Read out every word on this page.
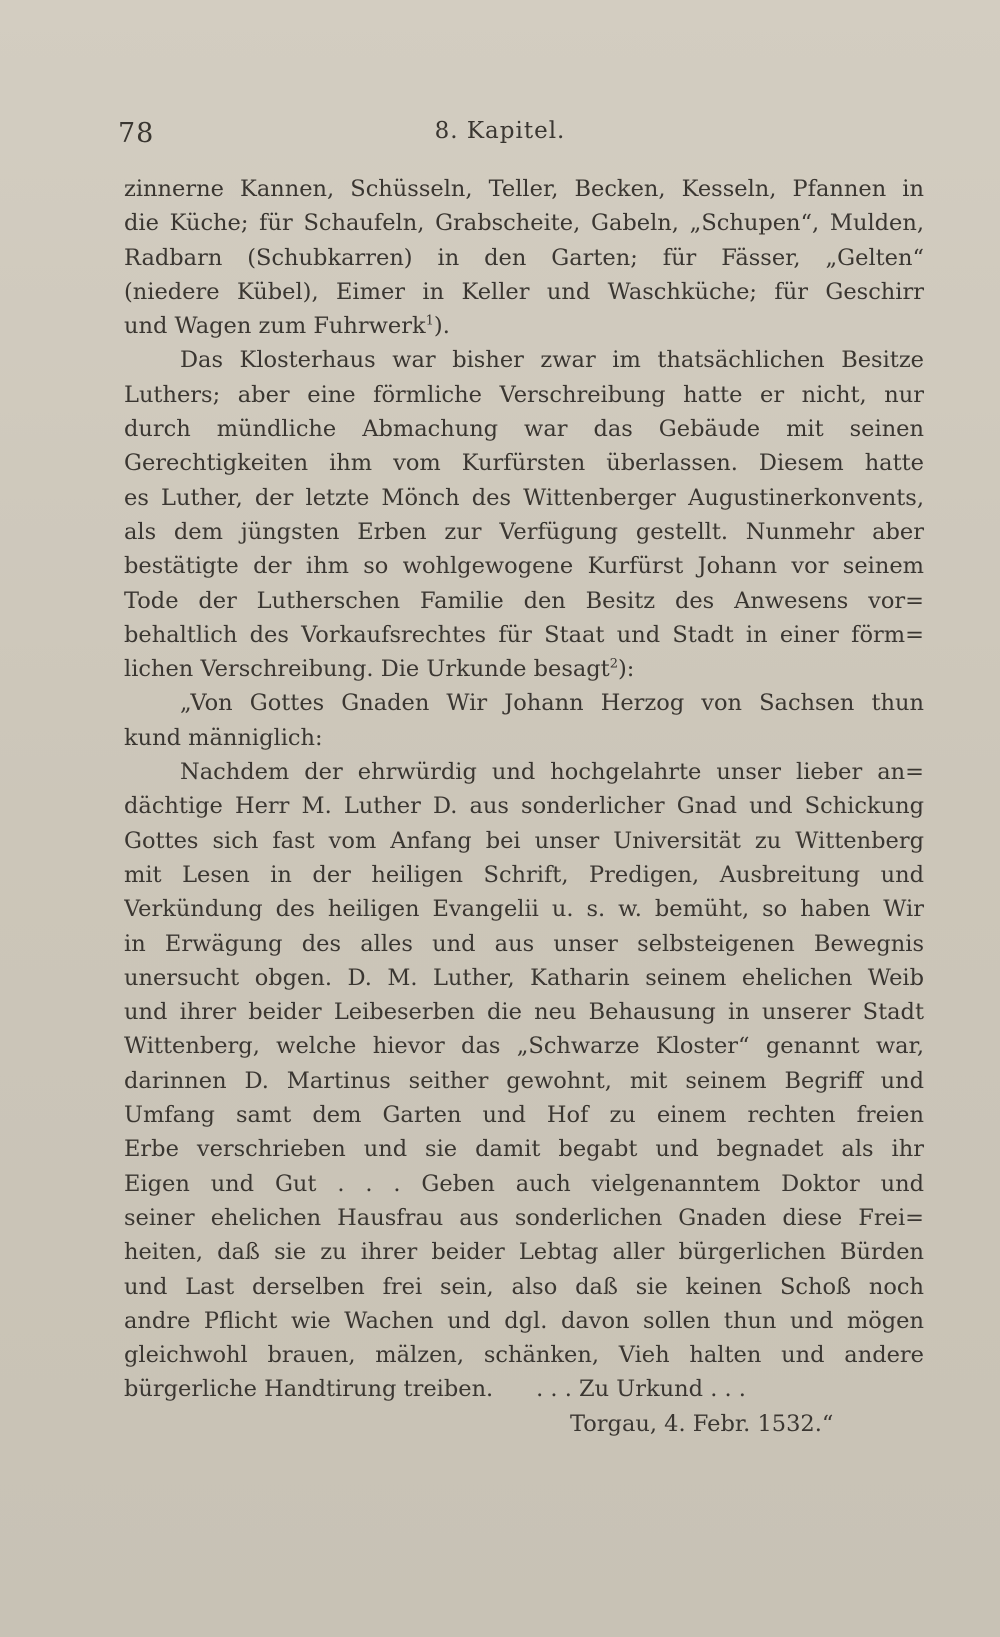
78	8. Kapitel.
zinnerne Kannen, Schüsseln, Teller, Becken, Kesseln, Pfannen in
die Küche; für Schaufeln, Grabscheite, Gabeln, „Schupen“, Mulden,
Radbarn (Schubkarren) in den Garten; für Fässer, „Gelten“
(niedere Kübel), Eimer in Keller und Waschküche; für Geschirr
und Wagen zum Fuhrwerk$^1$).
Das Klosterhaus war bisher zwar im thatsächlichen Besitze
Luthers; aber eine förmliche Verschreibung hatte er nicht, nur
durch mündliche Abmachung war das Gebäude mit seinen
Gerechtigkeiten ihm vom Kurfürsten überlassen. Diesem hatte
es Luther, der letzte Mönch des Wittenberger Augustinerkonvents,
als dem jüngsten Erben zur Verfügung gestellt. Nunmehr aber
bestätigte der ihm so wohlgewogene Kurfürst Johann vor seinem
Tode der Lutherschen Familie den Besitz des Anwesens vor=
behaltlich des Vorkaufsrechtes für Staat und Stadt in einer förm=
lichen Verschreibung. Die Urkunde besagt$^2$):
„Von Gottes Gnaden Wir Johann Herzog von Sachsen thun
kund männiglich:
Nachdem der ehrwürdig und hochgelahrte unser lieber an=
dächtige Herr M. Luther D. aus sonderlicher Gnad und Schickung
Gottes sich fast vom Anfang bei unser Universität zu Wittenberg
mit Lesen in der heiligen Schrift, Predigen, Ausbreitung und
Verkündung des heiligen Evangelii u. s. w. bemüht, so haben Wir
in Erwägung des alles und aus unser selbsteigenen Bewegnis
unersucht obgen. D. M. Luther, Katharin seinem ehelichen Weib
und ihrer beider Leibeserben die neu Behausung in unserer Stadt
Wittenberg, welche hievor das „Schwarze Kloster“ genannt war,
darinnen D. Martinus seither gewohnt, mit seinem Begriff und
Umfang samt dem Garten und Hof zu einem rechten freien
Erbe verschrieben und sie damit begabt und begnadet als ihr
Eigen und Gut . . . Geben auch vielgenanntem Doktor und
seiner ehelichen Hausfrau aus sonderlichen Gnaden diese Frei=
heiten, daß sie zu ihrer beider Lebtag aller bürgerlichen Bürden
und Last derselben frei sein, also daß sie keinen Schoß noch
andre Pflicht wie Wachen und dgl. davon sollen thun und mögen
gleichwohl brauen, mälzen, schänken, Vieh halten und andere
bürgerliche Handtirung treiben.      . . . Zu Urkund . . .
Torgau, 4. Febr. 1532.“
